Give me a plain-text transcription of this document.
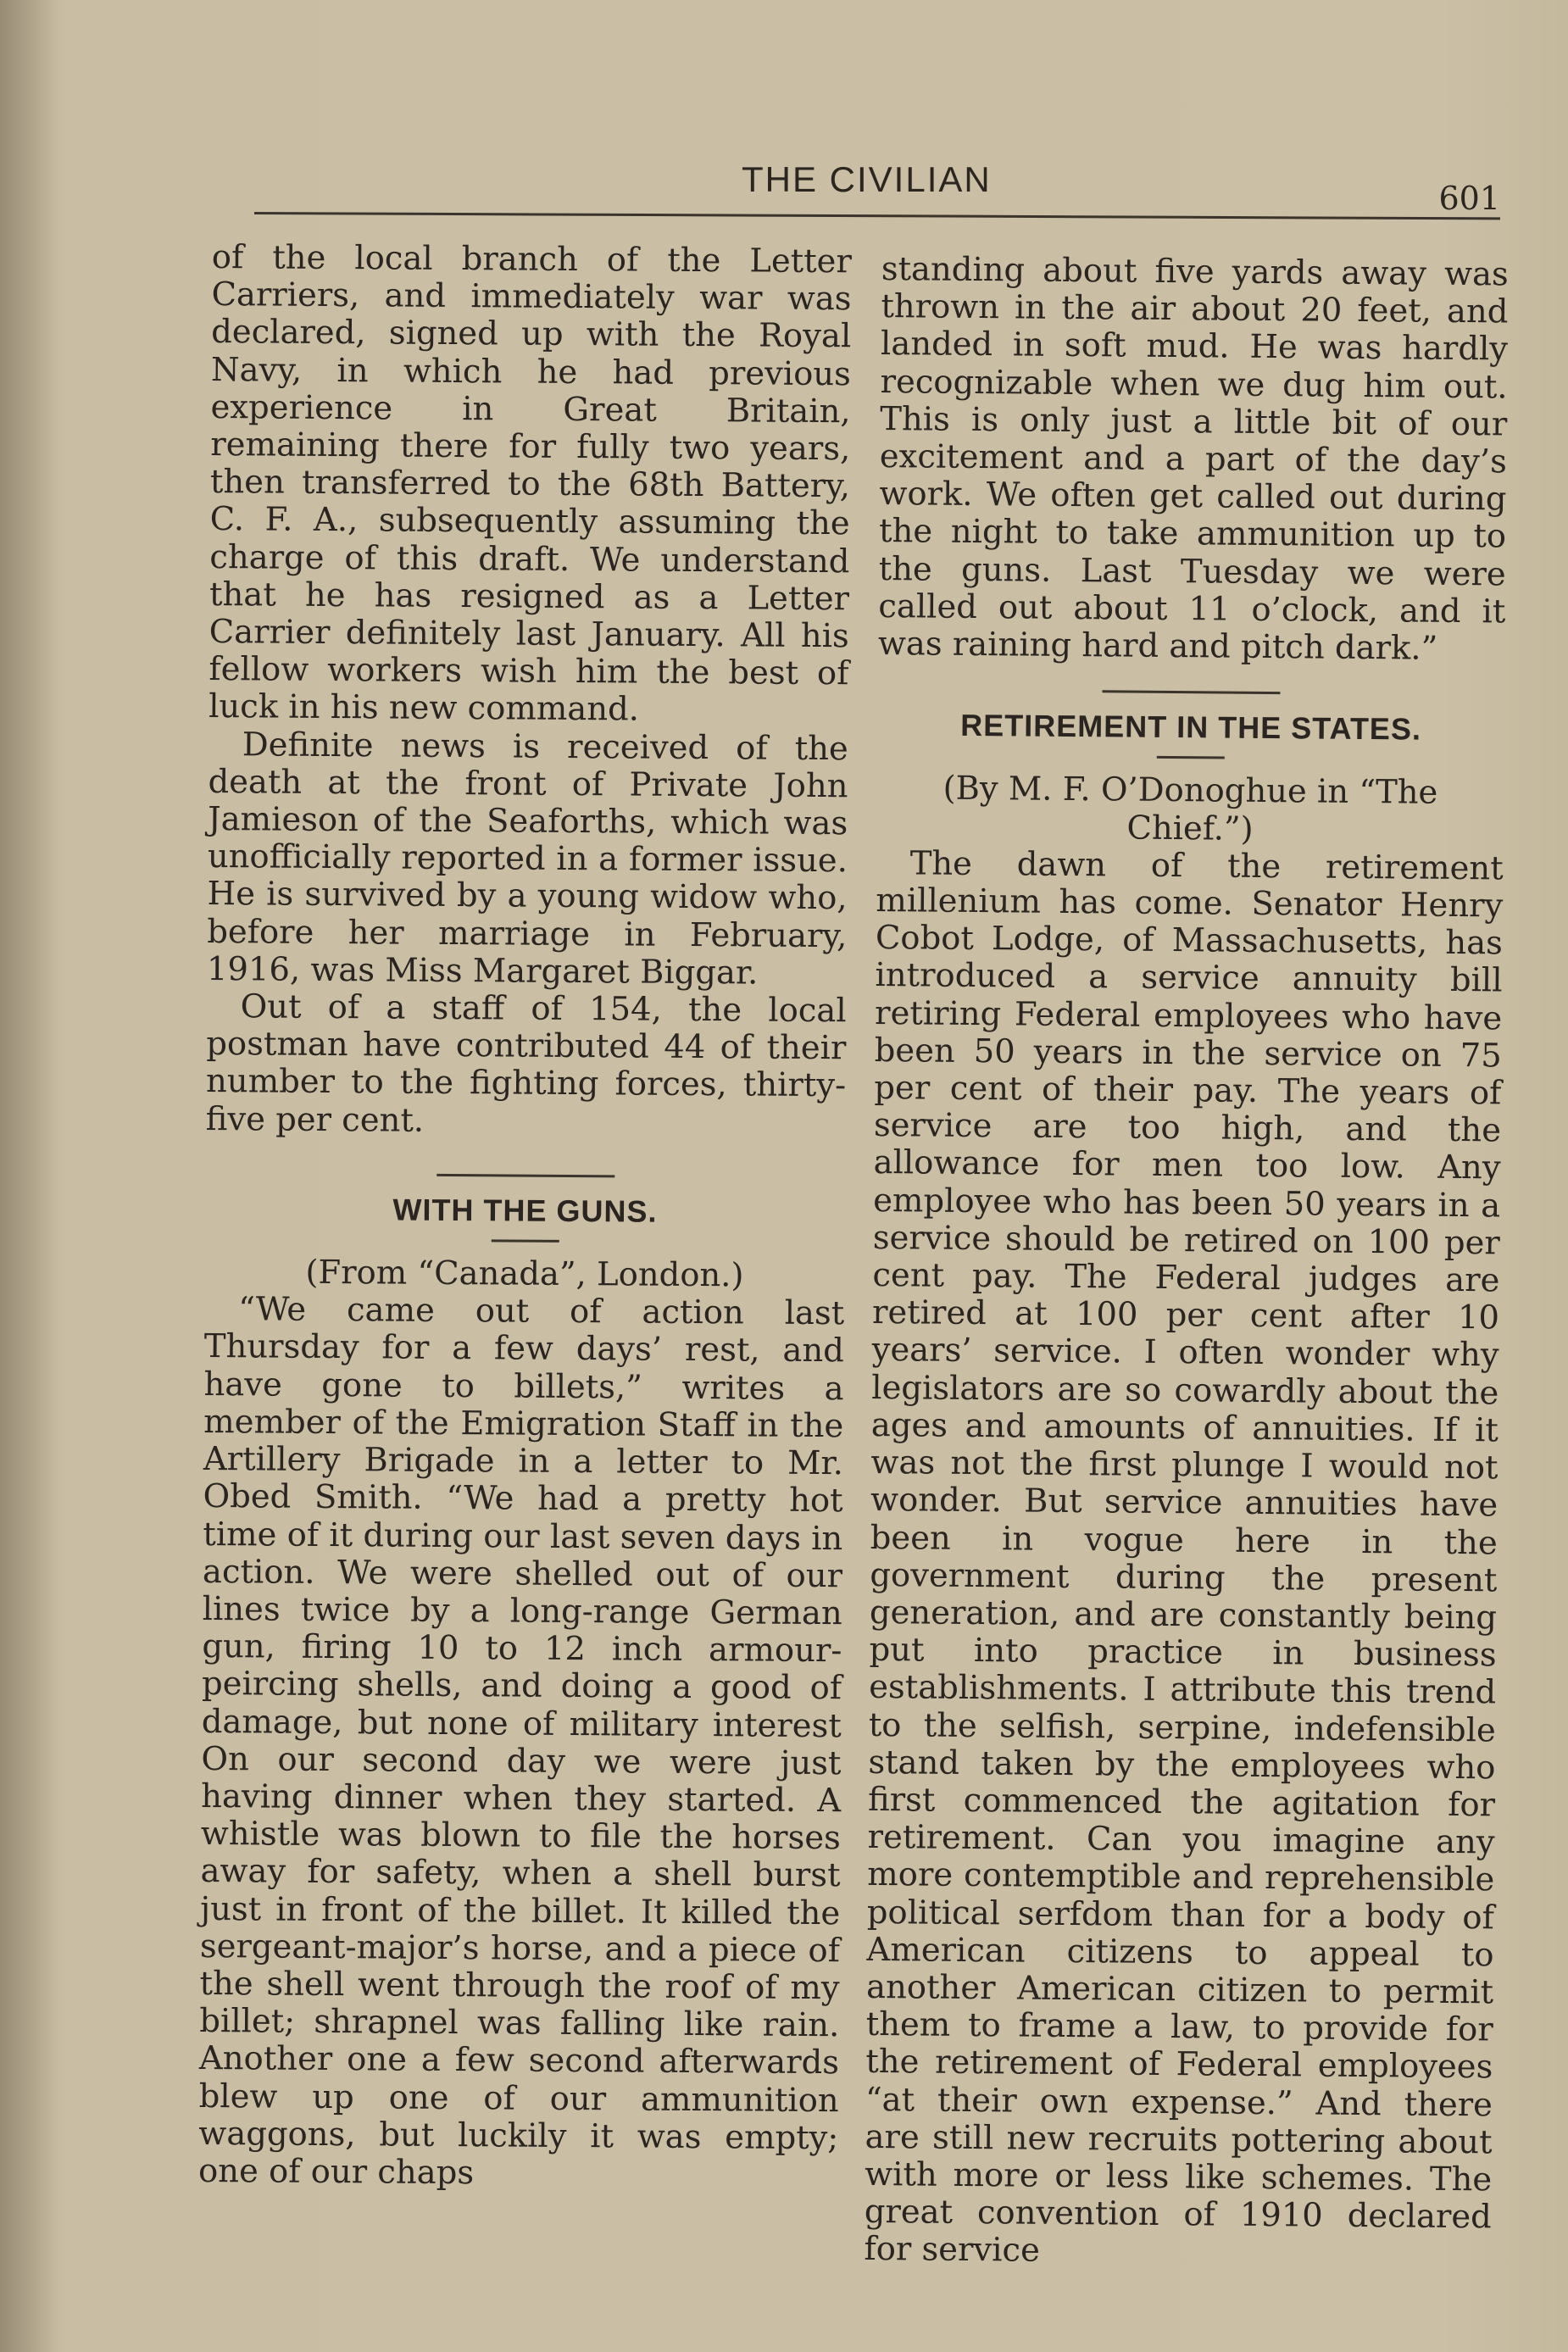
THE CIVILIAN	601

of the local branch of the Letter Carriers, and immediately war was declared, signed up with the Royal Navy, in which he had previous experience in Great Britain, remaining there for fully two years, then transferred to the 68th Battery, C. F. A., subsequently assuming the charge of this draft. We understand that he has resigned as a Letter Carrier definitely last January. All his fellow workers wish him the best of luck in his new command.

Definite news is received of the death at the front of Private John Jamieson of the Seaforths, which was unofficially reported in a former issue. He is survived by a young widow who, before her marriage in February, 1916, was Miss Margaret Biggar.

Out of a staff of 154, the local postman have contributed 44 of their number to the fighting forces, thirty-five per cent.

WITH THE GUNS.

(From “Canada”, London.)

“We came out of action last Thursday for a few days’ rest, and have gone to billets,” writes a member of the Emigration Staff in the Artillery Brigade in a letter to Mr. Obed Smith. “We had a pretty hot time of it during our last seven days in action. We were shelled out of our lines twice by a long-range German gun, firing 10 to 12 inch armour-peircing shells, and doing a good of damage, but none of military interest On our second day we were just having dinner when they started. A whistle was blown to file the horses away for safety, when a shell burst just in front of the billet. It killed the sergeant-major’s horse, and a piece of the shell went through the roof of my billet; shrapnel was falling like rain. Another one a few second afterwards blew up one of our ammunition waggons, but luckily it was empty; one of our chaps

standing about five yards away was thrown in the air about 20 feet, and landed in soft mud. He was hardly recognizable when we dug him out. This is only just a little bit of our excitement and a part of the day’s work. We often get called out during the night to take ammunition up to the guns. Last Tuesday we were called out about 11 o’clock, and it was raining hard and pitch dark.”

RETIREMENT IN THE STATES.

(By M. F. O’Donoghue in “The Chief.”)

The dawn of the retirement millenium has come. Senator Henry Cobot Lodge, of Massachusetts, has introduced a service annuity bill retiring Federal employees who have been 50 years in the service on 75 per cent of their pay. The years of service are too high, and the allowance for men too low. Any employee who has been 50 years in a service should be retired on 100 per cent pay. The Federal judges are retired at 100 per cent after 10 years’ service. I often wonder why legislators are so cowardly about the ages and amounts of annuities. If it was not the first plunge I would not wonder. But service annuities have been in vogue here in the government during the present generation, and are constantly being put into practice in business establishments. I attribute this trend to the selfish, serpine, indefensible stand taken by the employees who first commenced the agitation for retirement. Can you imagine any more contemptible and reprehensible political serfdom than for a body of American citizens to appeal to another American citizen to permit them to frame a law, to provide for the retirement of Federal employees “at their own expense.” And there are still new recruits pottering about with more or less like schemes. The great convention of 1910 declared for service
